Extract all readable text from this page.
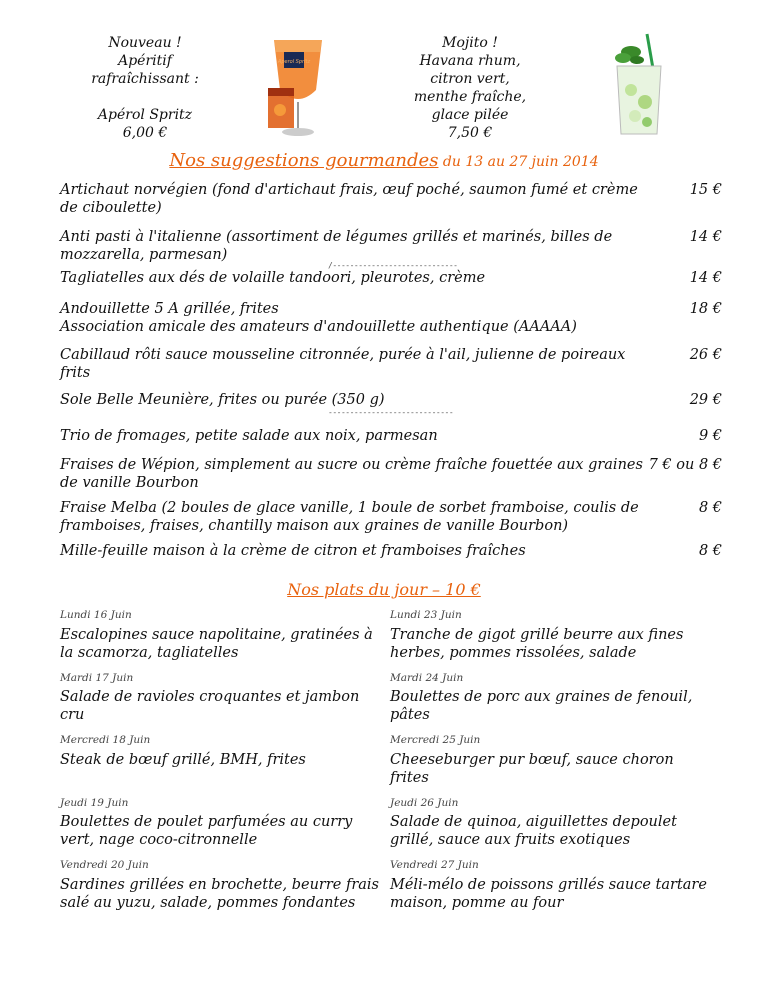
Nouveau !
Apéritif
rafraîchissant :
Apérol Spritz
6,00 €
Aperol Spritz
Mojito !
Havana rhum,
citron vert,
menthe fraîche,
glace pilée
7,50 €
Nos suggestions gourmandes du 13 au 27 juin 2014
Artichaut norvégien (fond d'artichaut frais, œuf poché, saumon fumé et crème de ciboulette)
15 €
Anti pasti à l'italienne (assortiment de légumes grillés et marinés, billes de mozzarella, parmesan)
14 €
/-----------------------------
Tagliatelles aux dés de volaille tandoori, pleurotes, crème	14 €
Andouillette 5 A grillée, frites
Association amicale des amateurs d'andouillette authentique (AAAAA)
18 €
Cabillaud rôti sauce mousseline citronnée, purée à l'ail, julienne de poireaux frits
26 €
Sole Belle Meunière, frites ou purée (350 g)	29 €
-----------------------------
Trio de fromages, petite salade aux noix, parmesan	9 €
Fraises de Wépion, simplement au sucre ou crème fraîche fouettée aux graines de vanille Bourbon
7 € ou 8 €
Fraise Melba (2 boules de glace vanille, 1 boule de sorbet framboise, coulis de framboises, fraises, chantilly maison aux graines de vanille Bourbon)
8 €
Mille-feuille maison à la crème de citron et framboises fraîches	8 €
Nos plats du jour – 10 €
Lundi 16 Juin
Escalopines sauce napolitaine, gratinées à la scamorza, tagliatelles
Mardi 17 Juin
Salade de ravioles croquantes et jambon cru
Mercredi 18 Juin
Steak de bœuf grillé, BMH, frites
Jeudi 19 Juin
Boulettes de poulet parfumées au curry vert, nage coco-citronnelle
Vendredi 20 Juin
Sardines grillées en brochette, beurre frais salé au yuzu, salade, pommes fondantes
Lundi 23 Juin
Tranche de gigot grillé beurre aux fines herbes, pommes rissolées, salade
Mardi 24 Juin
Boulettes de porc aux graines de fenouil, pâtes
Mercredi 25 Juin
Cheeseburger pur bœuf, sauce choron frites
Jeudi 26 Juin
Salade de quinoa, aiguillettes depoulet grillé, sauce aux fruits exotiques
Vendredi 27 Juin
Méli-mélo de poissons grillés sauce tartare maison, pomme au four
